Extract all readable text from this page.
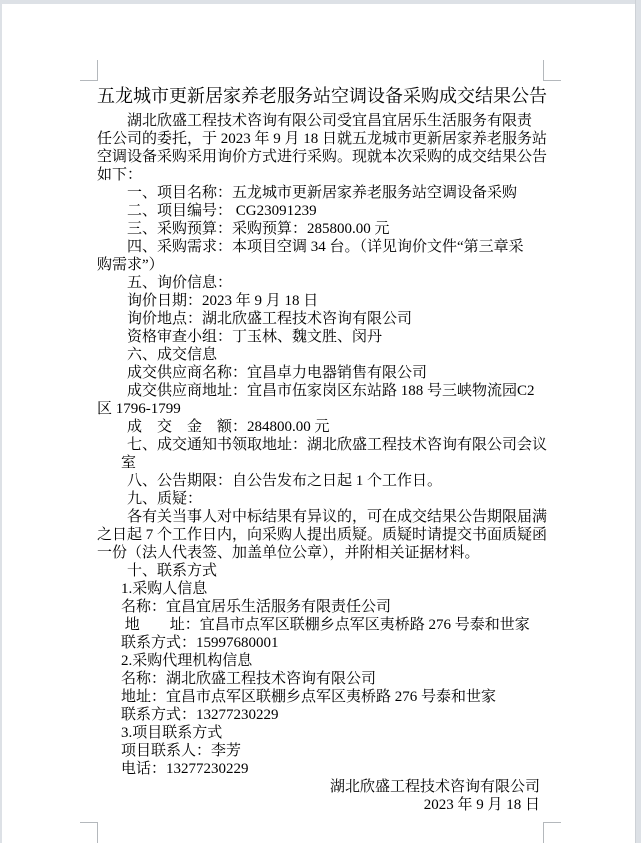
五龙城市更新居家养老服务站空调设备采购成交结果公告
湖北欣盛工程技术咨询有限公司受宜昌宜居乐生活服务有限责
任公司的委托，于 2023 年 9 月 18 日就五龙城市更新居家养老服务站
空调设备采购采用询价方式进行采购。现就本次采购的成交结果公告
如下：
一、项目名称：五龙城市更新居家养老服务站空调设备采购
二、项目编号： CG23091239
三、采购预算：采购预算：285800.00 元
四、采购需求：本项目空调 34 台。（详见询价文件“第三章采
购需求”）
五、询价信息：
询价日期：2023 年 9 月 18 日
询价地点：湖北欣盛工程技术咨询有限公司
资格审查小组：丁玉林、魏文胜、闵丹
六、成交信息
成交供应商名称：宜昌卓力电器销售有限公司
成交供应商地址：宜昌市伍家岗区东站路 188 号三峡物流园C2
区 1796-1799
成　交　金　额：284800.00 元
七、成交通知书领取地址：湖北欣盛工程技术咨询有限公司会议
室
八、公告期限：自公告发布之日起 1 个工作日。
九、质疑：
各有关当事人对中标结果有异议的，可在成交结果公告期限届满
之日起 7 个工作日内，向采购人提出质疑。质疑时请提交书面质疑函
一份（法人代表签、加盖单位公章），并附相关证据材料。
十、联系方式
1.采购人信息
名称：宜昌宜居乐生活服务有限责任公司
地　　址：宜昌市点军区联棚乡点军区夷桥路 276 号泰和世家
联系方式：15997680001
2.采购代理机构信息
名称：湖北欣盛工程技术咨询有限公司
地址：宜昌市点军区联棚乡点军区夷桥路 276 号泰和世家
联系方式：13277230229
3.项目联系方式
项目联系人：李芳
电话：13277230229
湖北欣盛工程技术咨询有限公司
2023 年 9 月 18 日
